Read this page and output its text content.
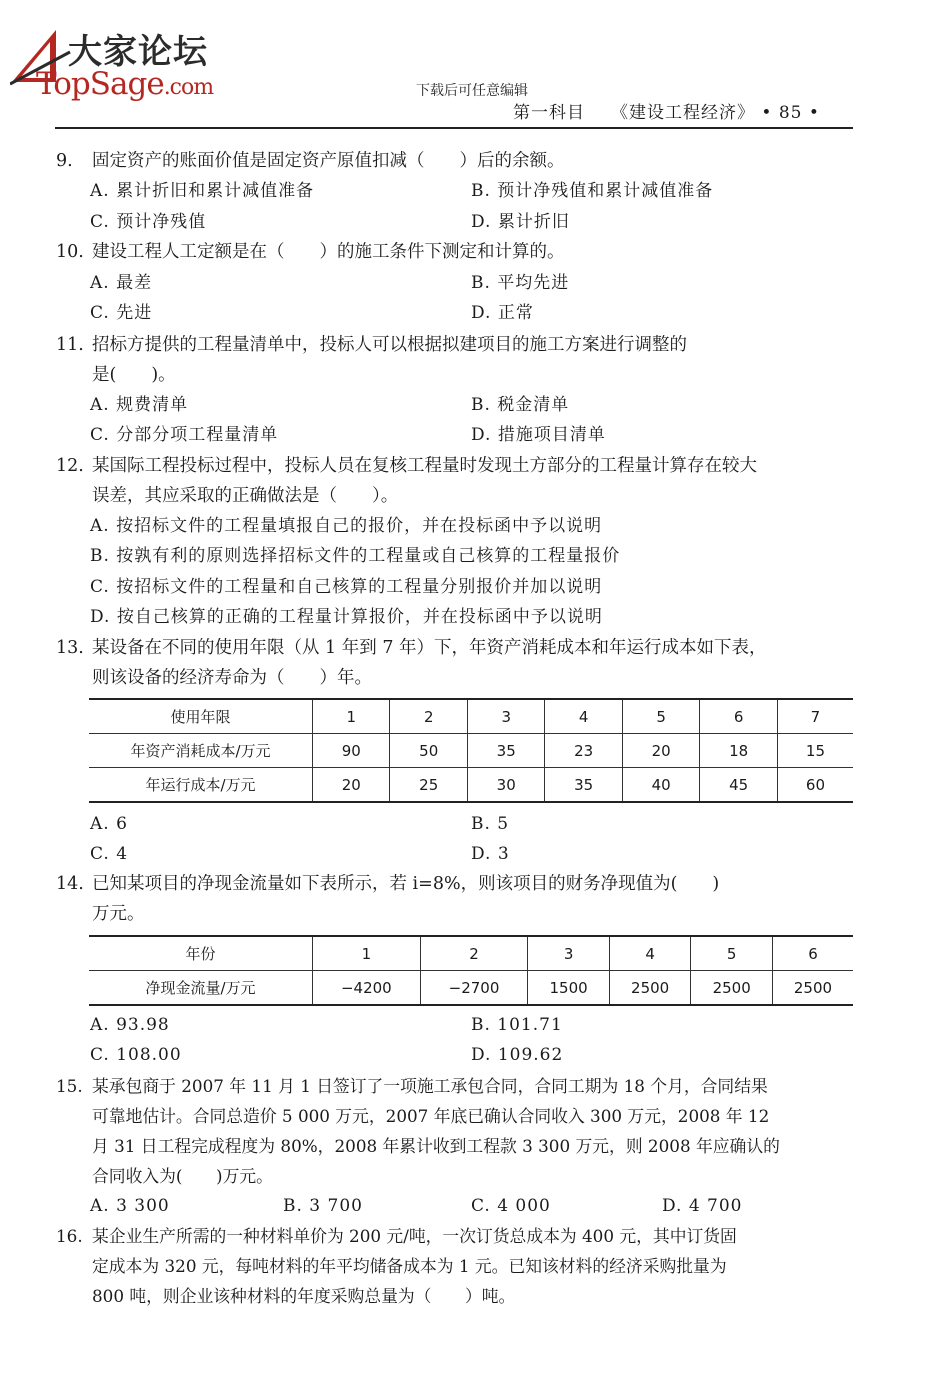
大家论坛
TopSage.com	下载后可任意编辑
第一科目 《建设工程经济》 • 85 •
9. 固定资产的账面价值是固定资产原值扣减（　　）后的余额。
A. 累计折旧和累计减值准备	B. 预计净残值和累计减值准备
C. 预计净残值	D. 累计折旧
10. 建设工程人工定额是在（　　）的施工条件下测定和计算的。
A. 最差	B. 平均先进
C. 先进	D. 正常
11. 招标方提供的工程量清单中，投标人可以根据拟建项目的施工方案进行调整的
是(　　)。
A. 规费清单	B. 税金清单
C. 分部分项工程量清单	D. 措施项目清单
12. 某国际工程投标过程中，投标人员在复核工程量时发现土方部分的工程量计算存在较大
误差，其应采取的正确做法是（　　）。
A. 按招标文件的工程量填报自己的报价，并在投标函中予以说明
B. 按孰有利的原则选择招标文件的工程量或自己核算的工程量报价
C. 按招标文件的工程量和自己核算的工程量分别报价并加以说明
D. 按自己核算的正确的工程量计算报价，并在投标函中予以说明
13. 某设备在不同的使用年限（从 1 年到 7 年）下，年资产消耗成本和年运行成本如下表，
则该设备的经济寿命为（　　）年。
使用年限	1	2	3	4	5	6	7
年资产消耗成本/万元	90	50	35	23	20	18	15
年运行成本/万元	20	25	30	35	40	45	60
A. 6	B. 5
C. 4	D. 3
14. 已知某项目的净现金流量如下表所示，若 i=8%，则该项目的财务净现值为(　　)
万元。
年份	1	2	3	4	5	6
净现金流量/万元	−4200	−2700	1500	2500	2500	2500
A. 93.98	B. 101.71
C. 108.00	D. 109.62
15. 某承包商于 2007 年 11 月 1 日签订了一项施工承包合同，合同工期为 18 个月，合同结果
可靠地估计。合同总造价 5 000 万元，2007 年底已确认合同收入 300 万元，2008 年 12
月 31 日工程完成程度为 80%，2008 年累计收到工程款 3 300 万元，则 2008 年应确认的
合同收入为(　　)万元。
A. 3 300	B. 3 700	C. 4 000	D. 4 700
16. 某企业生产所需的一种材料单价为 200 元/吨，一次订货总成本为 400 元，其中订货固
定成本为 320 元，每吨材料的年平均储备成本为 1 元。已知该材料的经济采购批量为
800 吨，则企业该种材料的年度采购总量为（　　）吨。
